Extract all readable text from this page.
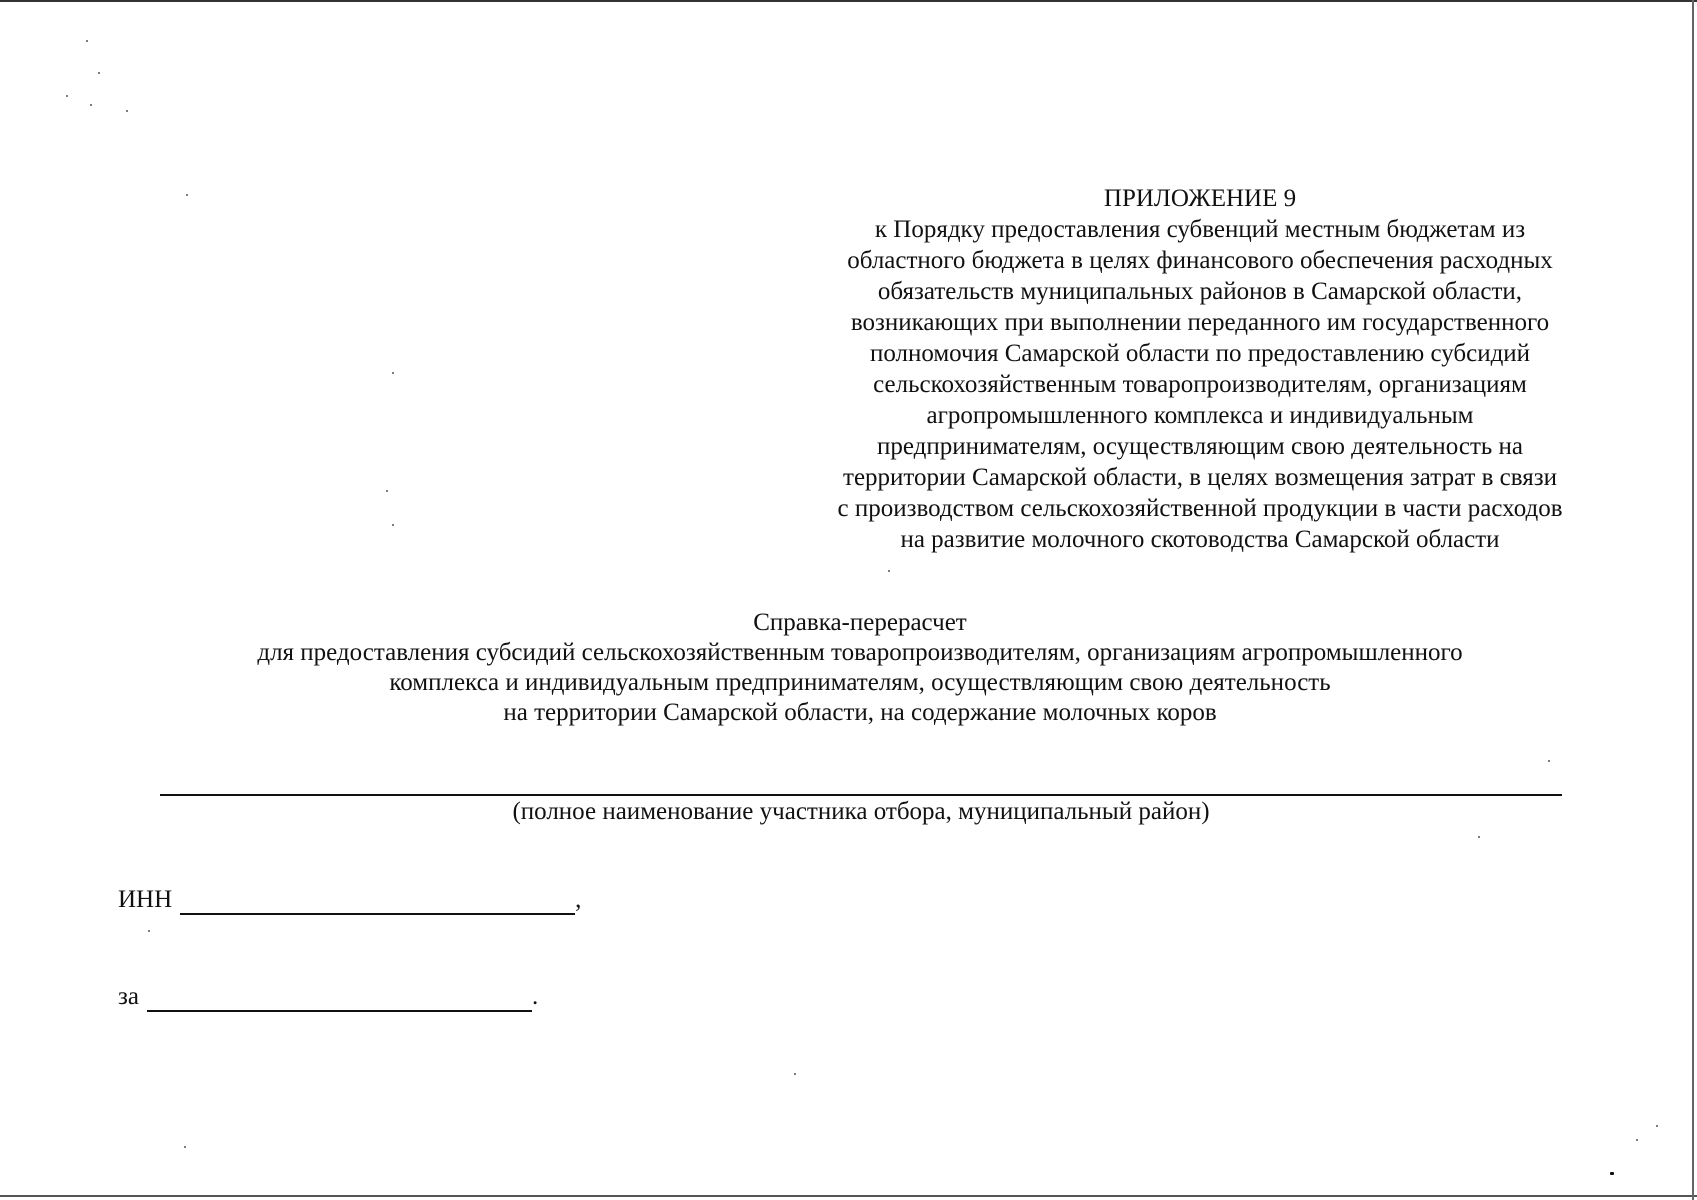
ПРИЛОЖЕНИЕ 9
к Порядку предоставления субвенций местным бюджетам из
областного бюджета в целях финансового обеспечения расходных
обязательств муниципальных районов в Самарской области,
возникающих при выполнении переданного им государственного
полномочия Самарской области по предоставлению субсидий
сельскохозяйственным товаропроизводителям, организациям
агропромышленного комплекса и индивидуальным
предпринимателям, осуществляющим свою деятельность на
территории Самарской области, в целях возмещения затрат в связи
с производством сельскохозяйственной продукции в части расходов
на развитие молочного скотоводства Самарской области
Справка-перерасчет
для предоставления субсидий сельскохозяйственным товаропроизводителям, организациям агропромышленного
комплекса и индивидуальным предпринимателям, осуществляющим свою деятельность
на территории Самарской области, на содержание молочных коров
(полное наименование участника отбора, муниципальный район)
ИНН	,
за	.
